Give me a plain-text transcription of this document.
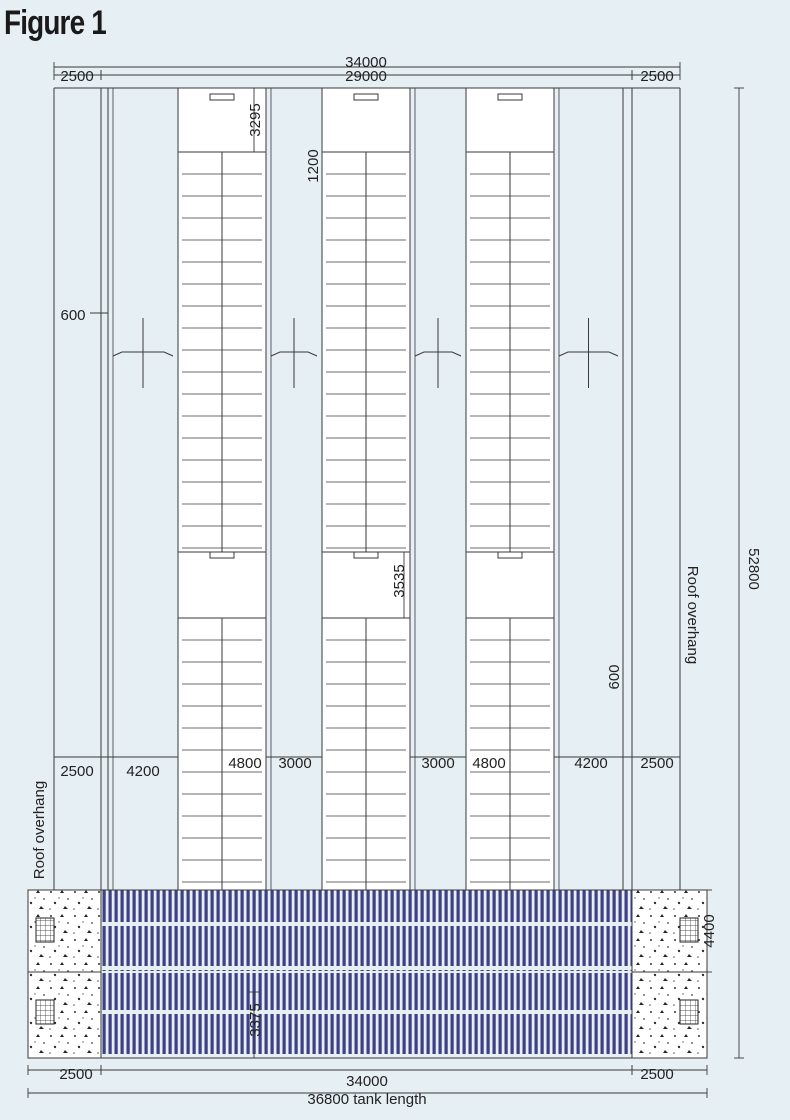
Figure 1
34000
29000
2500	2500
3295
1200
600
3535
600
2500 4200	4800 3000	3000 4800	4200 2500
4400
3375
52800
2500	34000	2500
36800 tank length
Roof overhang
Roof overhang
